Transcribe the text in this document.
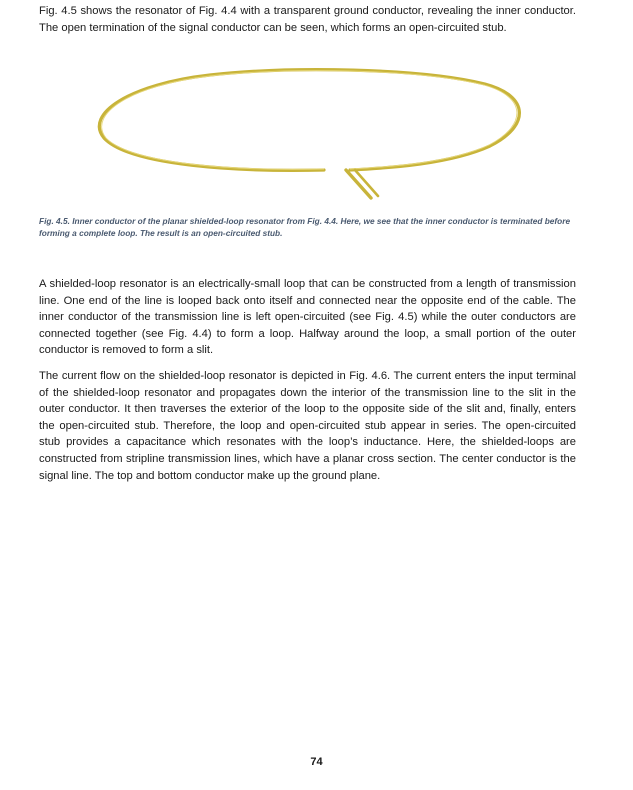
Fig. 4.5 shows the resonator of Fig. 4.4 with a transparent ground conductor, revealing the inner conductor. The open termination of the signal conductor can be seen, which forms an open-circuited stub.

Fig. 4.5. Inner conductor of the planar shielded-loop resonator from Fig. 4.4. Here, we see that the inner conductor is terminated before forming a complete loop. The result is an open-circuited stub.

A shielded-loop resonator is an electrically-small loop that can be constructed from a length of transmission line. One end of the line is looped back onto itself and connected near the opposite end of the cable. The inner conductor of the transmission line is left open-circuited (see Fig. 4.5) while the outer conductors are connected together (see Fig. 4.4) to form a loop. Halfway around the loop, a small portion of the outer conductor is removed to form a slit.

The current flow on the shielded-loop resonator is depicted in Fig. 4.6. The current enters the input terminal of the shielded-loop resonator and propagates down the interior of the transmission line to the slit in the outer conductor. It then traverses the exterior of the loop to the opposite side of the slit and, finally, enters the open-circuited stub. Therefore, the loop and open-circuited stub appear in series. The open-circuited stub provides a capacitance which resonates with the loop’s inductance. Here, the shielded-loops are constructed from stripline transmission lines, which have a planar cross section. The center conductor is the signal line. The top and bottom conductor make up the ground plane.

74
